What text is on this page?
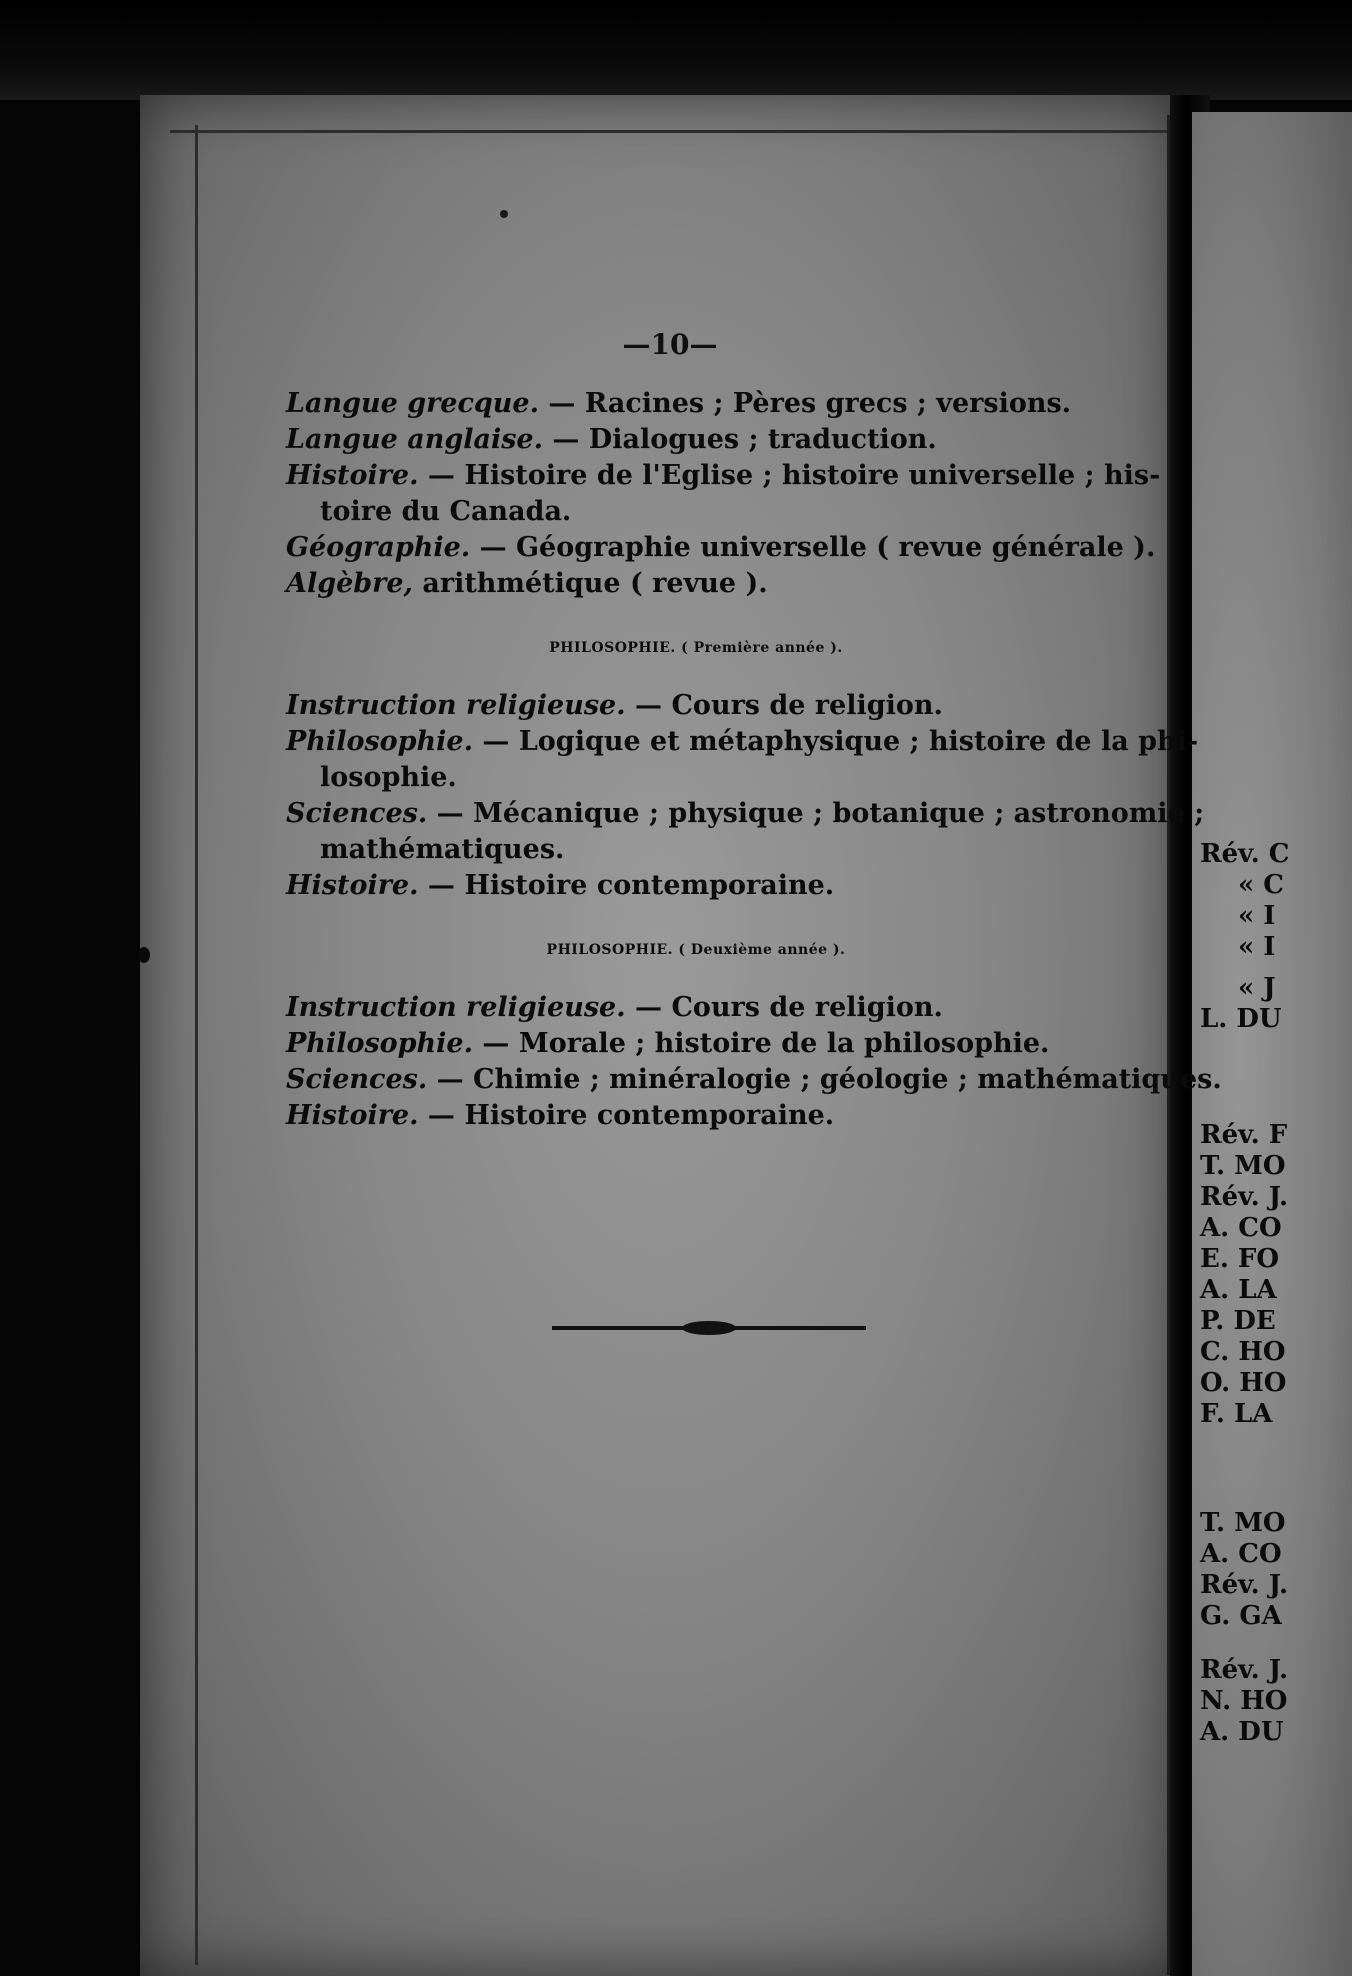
Rév. C
« C
« I
« I
« J
L. DU
Rév. F
T. MO
Rév. J.
A. CO
E. FO
A. LA
P. DE
C. HO
O. HO
F. LA
T. MO
A. CO
Rév. J.
G. GA
Rév. J.
N. HO
A. DU
—10—
Langue grecque. — Racines ; Pères grecs ; versions.
Langue anglaise. — Dialogues ; traduction.
Histoire. — Histoire de l'Eglise ; histoire universelle ; his-
toire du Canada.
Géographie. — Géographie universelle ( revue générale ).
Algèbre, arithmétique ( revue ).
PHILOSOPHIE. ( Première année ).
Instruction religieuse. — Cours de religion.
Philosophie. — Logique et métaphysique ; histoire de la phi-
losophie.
Sciences. — Mécanique ; physique ; botanique ; astronomie ;
mathématiques.
Histoire. — Histoire contemporaine.
PHILOSOPHIE. ( Deuxième année ).
Instruction religieuse. — Cours de religion.
Philosophie. — Morale ; histoire de la philosophie.
Sciences. — Chimie ; minéralogie ; géologie ; mathématiques.
Histoire. — Histoire contemporaine.
